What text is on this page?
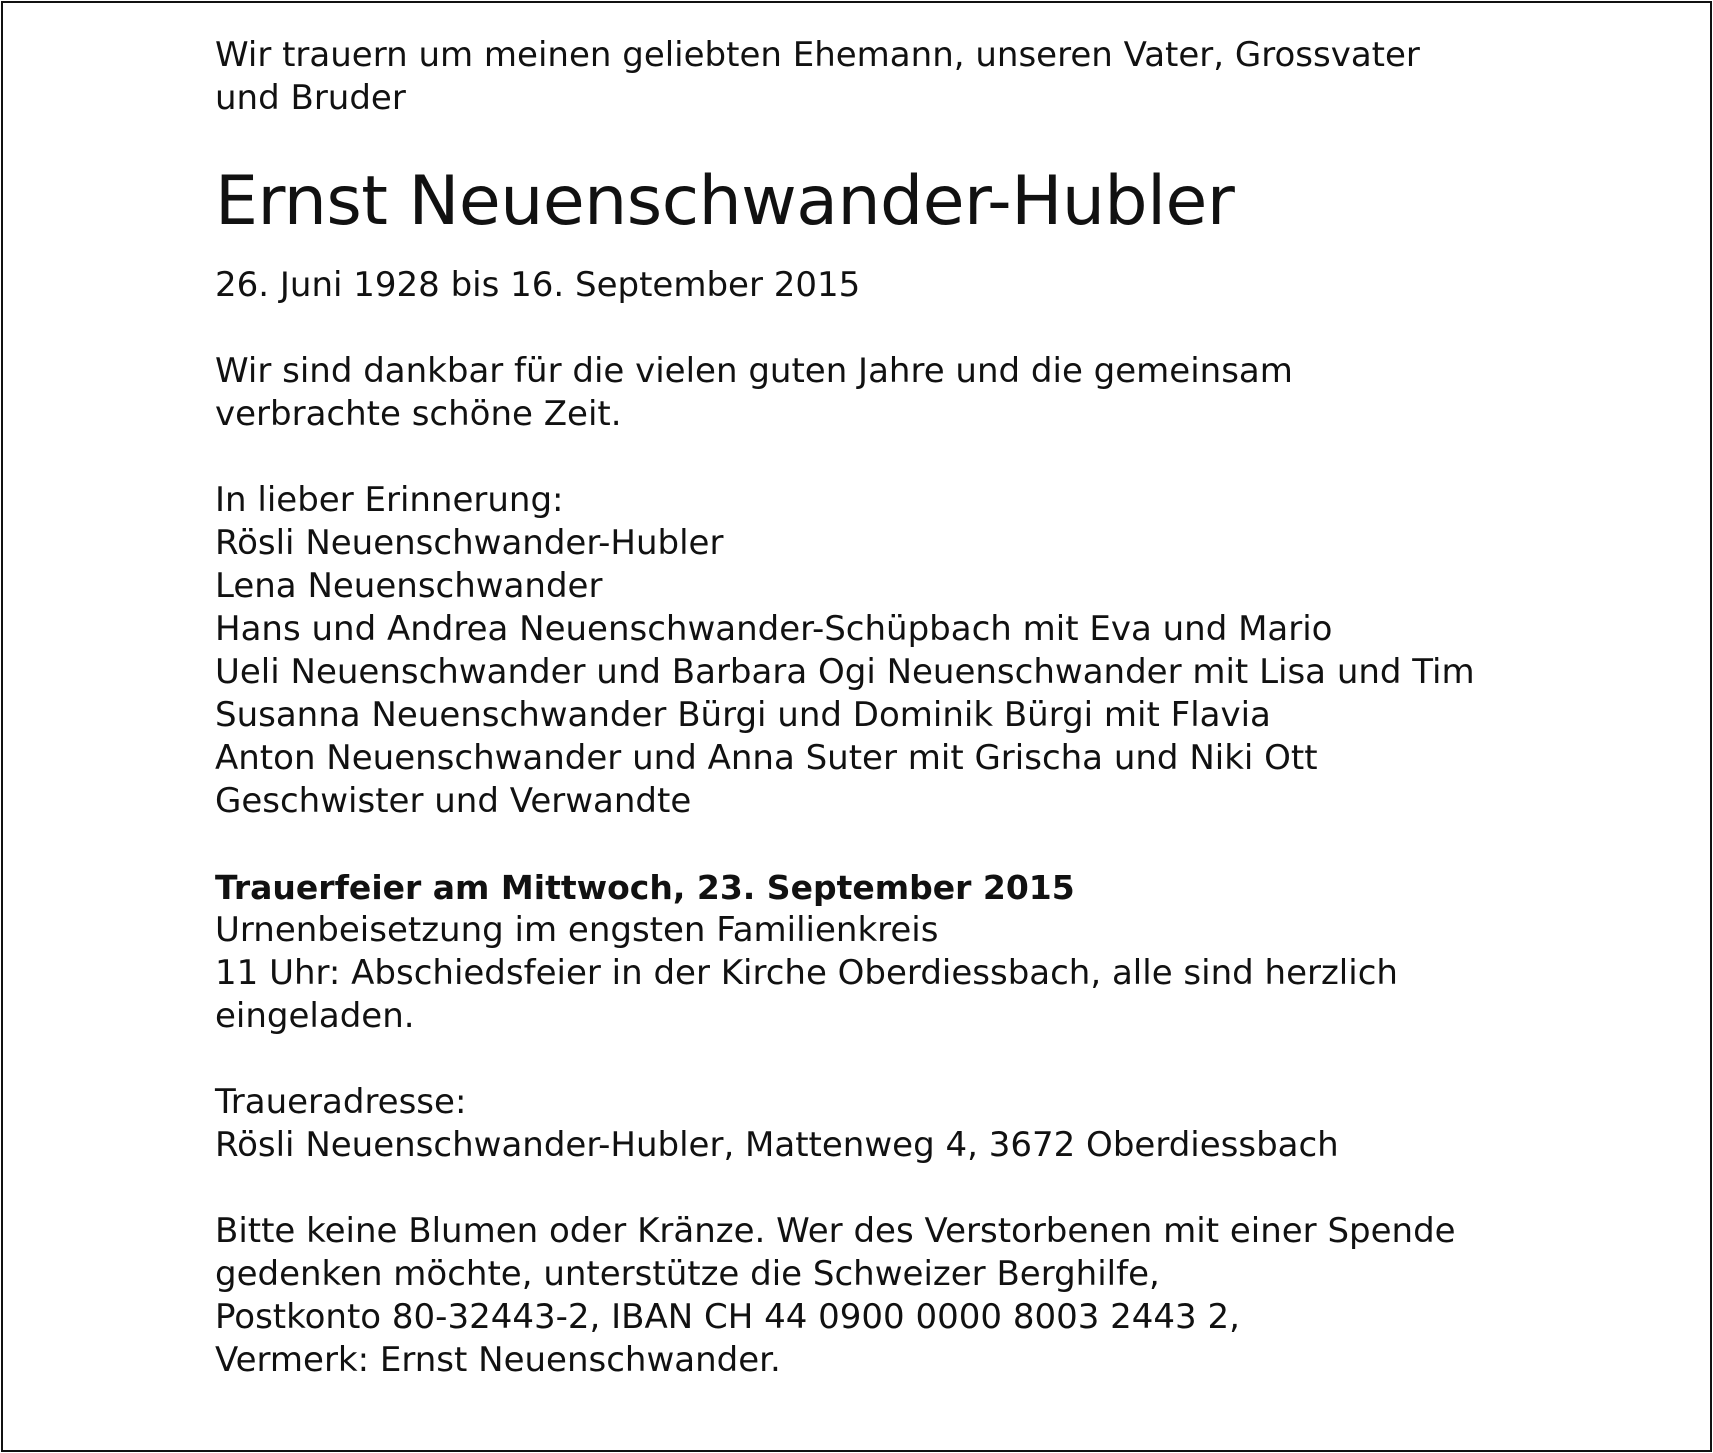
Wir trauern um meinen geliebten Ehemann, unseren Vater, Grossvater
und Bruder
Ernst Neuenschwander-Hubler
26. Juni 1928 bis 16. September 2015
Wir sind dankbar für die vielen guten Jahre und die gemeinsam
verbrachte schöne Zeit.
In lieber Erinnerung:
Rösli Neuenschwander-Hubler
Lena Neuenschwander
Hans und Andrea Neuenschwander-Schüpbach mit Eva und Mario
Ueli Neuenschwander und Barbara Ogi Neuenschwander mit Lisa und Tim
Susanna Neuenschwander Bürgi und Dominik Bürgi mit Flavia
Anton Neuenschwander und Anna Suter mit Grischa und Niki Ott
Geschwister und Verwandte
Trauerfeier am Mittwoch, 23. September 2015
Urnenbeisetzung im engsten Familienkreis
11 Uhr: Abschiedsfeier in der Kirche Oberdiessbach, alle sind herzlich
eingeladen.
Traueradresse:
Rösli Neuenschwander-Hubler, Mattenweg 4, 3672 Oberdiessbach
Bitte keine Blumen oder Kränze. Wer des Verstorbenen mit einer Spende
gedenken möchte, unterstütze die Schweizer Berghilfe,
Postkonto 80-32443-2, IBAN CH 44 0900 0000 8003 2443 2,
Vermerk: Ernst Neuenschwander.
